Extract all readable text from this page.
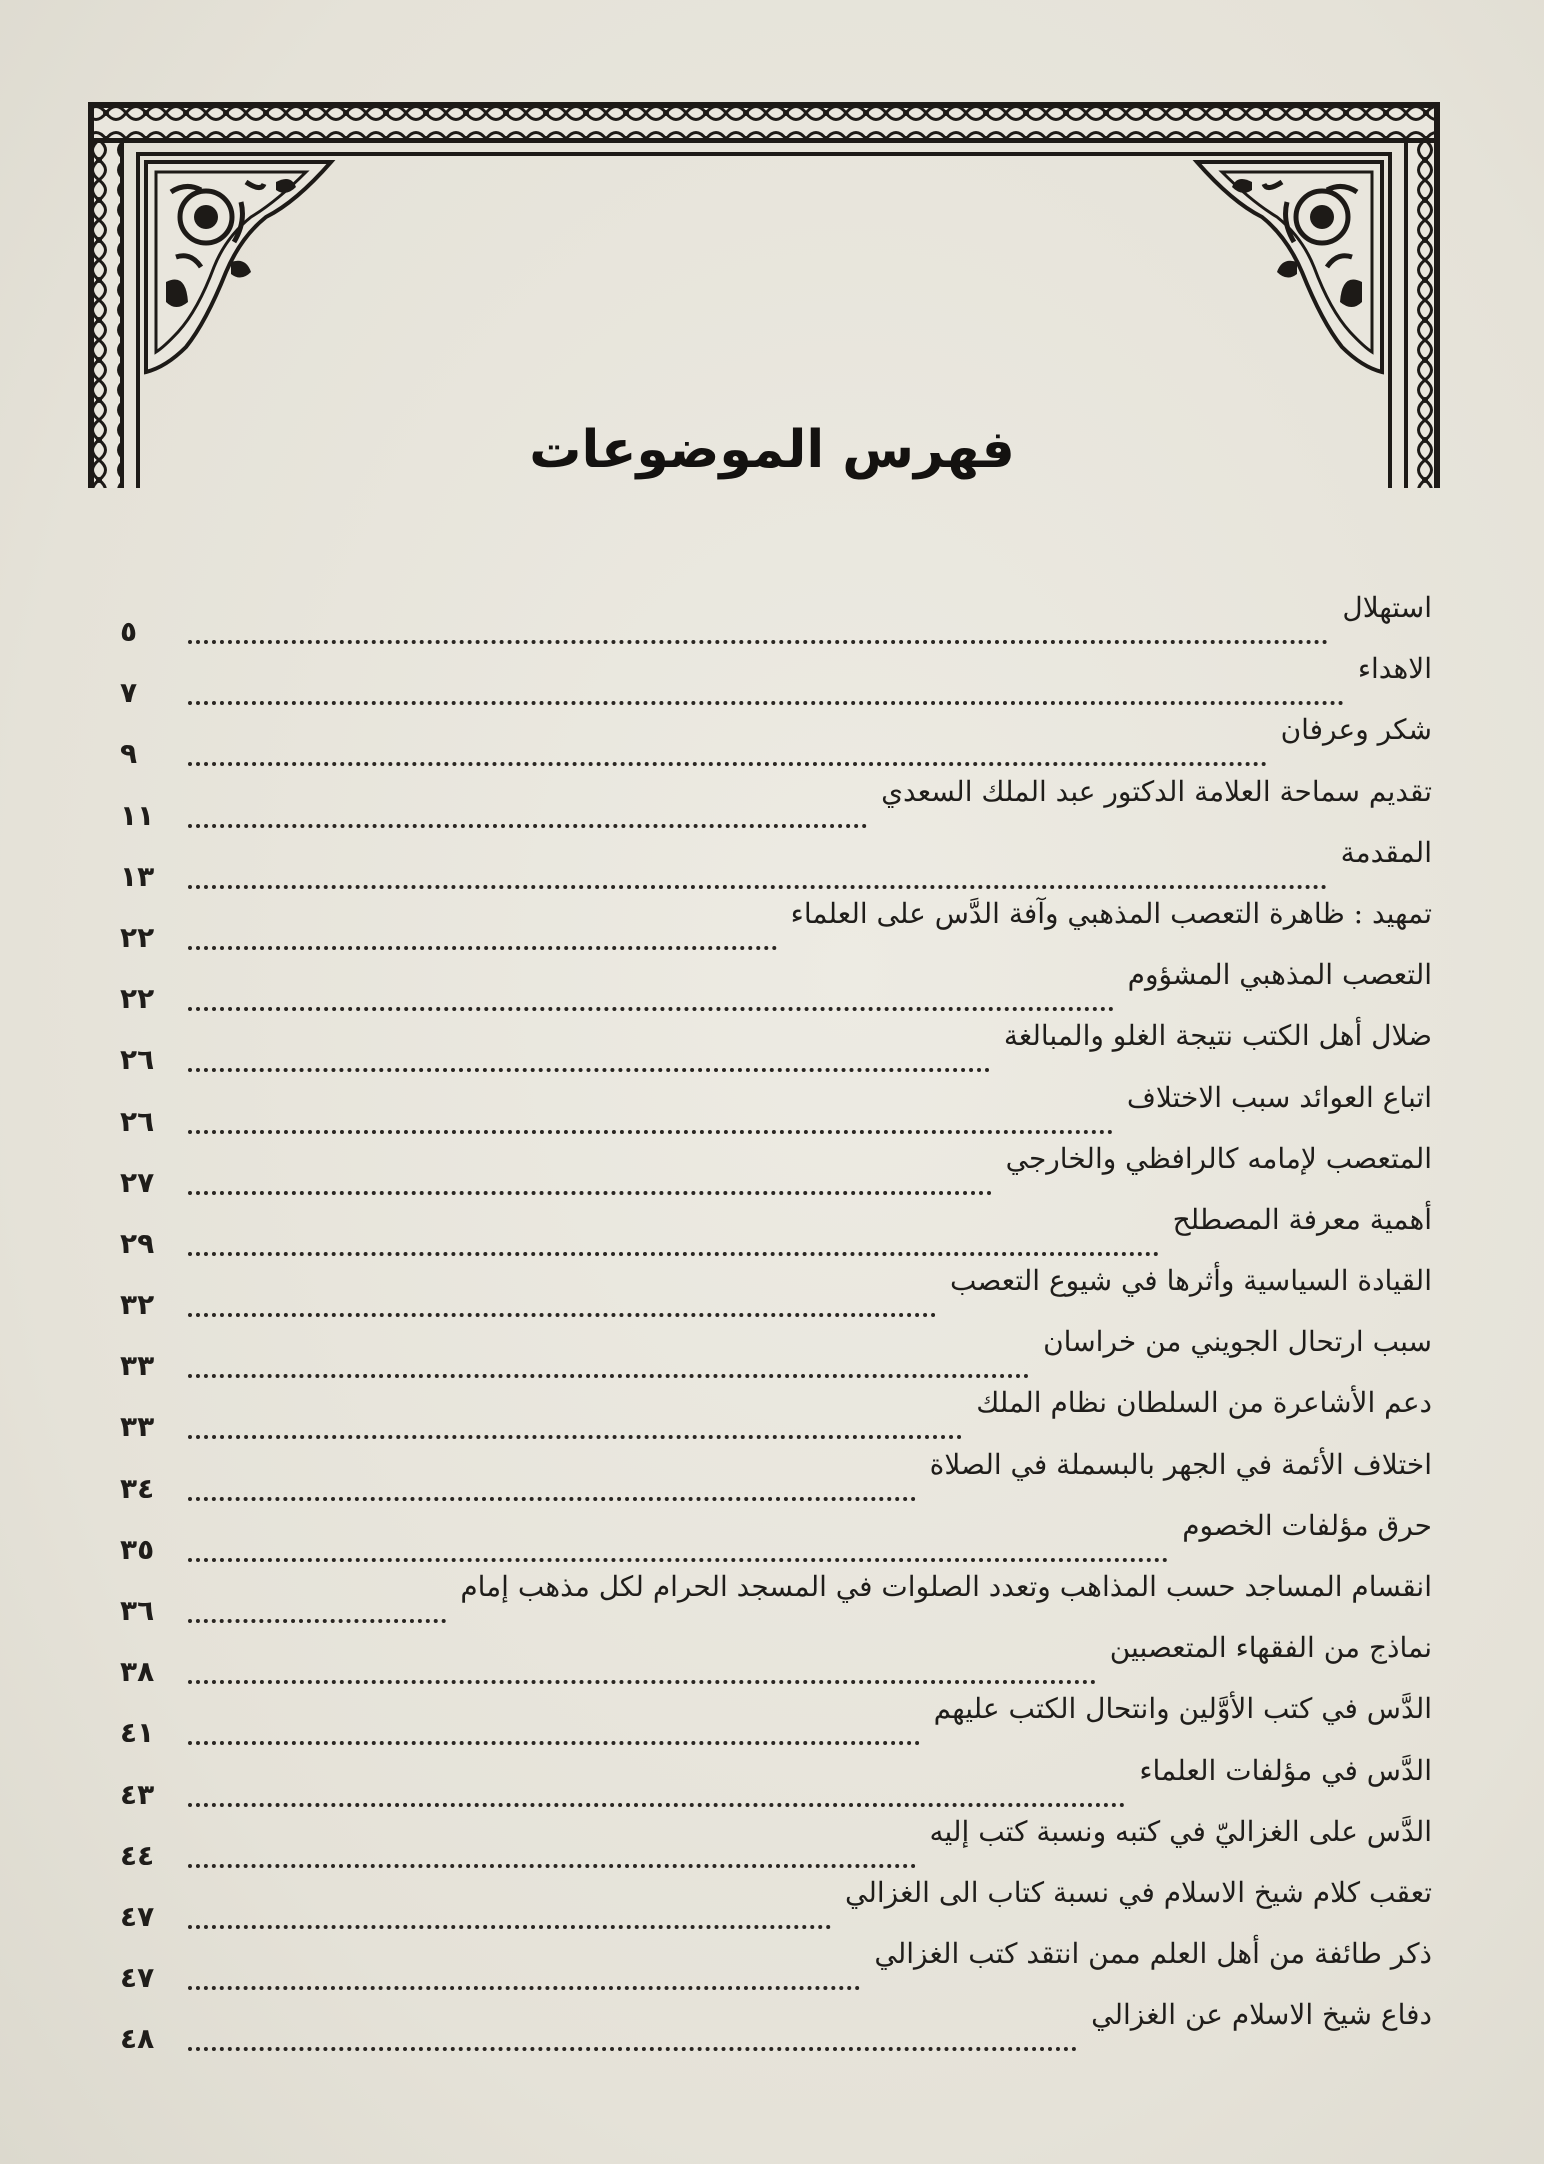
فهرس الموضوعات
٥
استهلال
٧
الاهداء
٩
شكر وعرفان
١١
تقديم سماحة العلامة الدكتور عبد الملك السعدي
١٣
المقدمة
٢٢
تمهيد : ظاهرة التعصب المذهبي وآفة الدَّس على العلماء
٢٢
التعصب المذهبي المشؤوم
٢٦
ضلال أهل الكتب نتيجة الغلو والمبالغة
٢٦
اتباع العوائد سبب الاختلاف
٢٧
المتعصب لإمامه كالرافظي والخارجي
٢٩
أهمية معرفة المصطلح
٣٢
القيادة السياسية وأثرها في شيوع التعصب
٣٣
سبب ارتحال الجويني من خراسان
٣٣
دعم الأشاعرة من السلطان نظام الملك
٣٤
اختلاف الأئمة في الجهر بالبسملة في الصلاة
٣٥
حرق مؤلفات الخصوم
٣٦
انقسام المساجد حسب المذاهب وتعدد الصلوات في المسجد الحرام لكل مذهب إمام
٣٨
نماذج من الفقهاء المتعصبين
٤١
الدَّس في كتب الأوَّلين وانتحال الكتب عليهم
٤٣
الدَّس في مؤلفات العلماء
٤٤
الدَّس على الغزاليّ في كتبه ونسبة كتب إليه
٤٧
تعقب كلام شيخ الاسلام في نسبة كتاب الى الغزالي
٤٧
ذكر طائفة من أهل العلم ممن انتقد كتب الغزالي
٤٨
دفاع شيخ الاسلام عن الغزالي
